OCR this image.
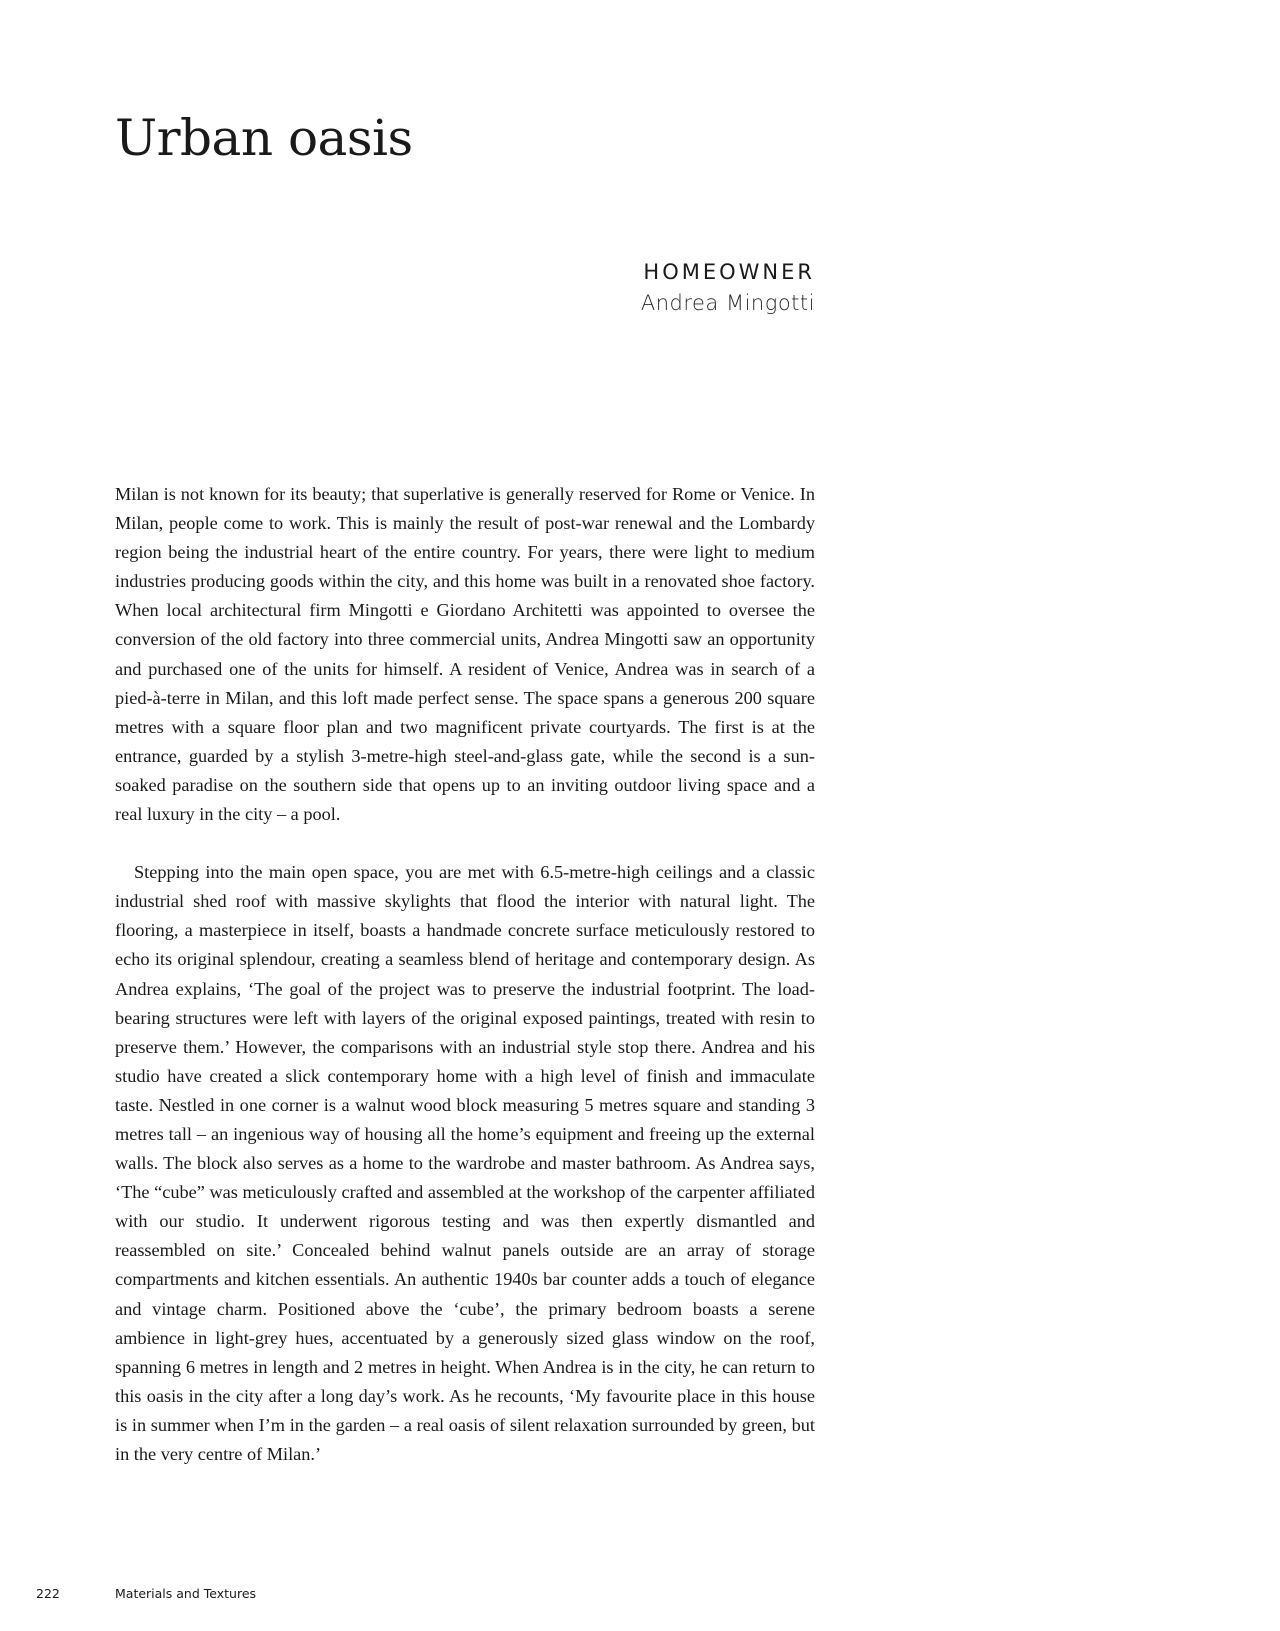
Urban oasis
HOMEOWNER
Andrea Mingotti

Milan is not known for its beauty; that superlative is generally reserved for Rome or Venice. In Milan, people come to work. This is mainly the result of post-war renewal and the Lombardy region being the industrial heart of the entire country. For years, there were light to medium industries producing goods within the city, and this home was built in a renovated shoe factory. When local architectural firm Mingotti e Giordano Architetti was appointed to oversee the conversion of the old factory into three commercial units, Andrea Mingotti saw an opportunity and purchased one of the units for himself. A resident of Venice, Andrea was in search of a pied-à-terre in Milan, and this loft made perfect sense. The space spans a generous 200 square metres with a square floor plan and two magnificent private courtyards. The first is at the entrance, guarded by a stylish 3-metre-high steel-and-glass gate, while the second is a sun-soaked paradise on the southern side that opens up to an inviting outdoor living space and a real luxury in the city – a pool.

Stepping into the main open space, you are met with 6.5-metre-high ceilings and a classic industrial shed roof with massive skylights that flood the interior with natural light. The flooring, a masterpiece in itself, boasts a handmade concrete surface meticulously restored to echo its original splendour, creating a seamless blend of heritage and contemporary design. As Andrea explains, ‘The goal of the project was to preserve the industrial footprint. The load-bearing structures were left with layers of the original exposed paintings, treated with resin to preserve them.’ However, the comparisons with an industrial style stop there. Andrea and his studio have created a slick contemporary home with a high level of finish and immaculate taste. Nestled in one corner is a walnut wood block measuring 5 metres square and standing 3 metres tall – an ingenious way of housing all the home’s equipment and freeing up the external walls. The block also serves as a home to the wardrobe and master bathroom. As Andrea says, ‘The “cube” was meticulously crafted and assembled at the workshop of the carpenter affiliated with our studio. It underwent rigorous testing and was then expertly dismantled and reassembled on site.’ Concealed behind walnut panels outside are an array of storage compartments and kitchen essentials. An authentic 1940s bar counter adds a touch of elegance and vintage charm. Positioned above the ‘cube’, the primary bedroom boasts a serene ambience in light-grey hues, accentuated by a generously sized glass window on the roof, spanning 6 metres in length and 2 metres in height. When Andrea is in the city, he can return to this oasis in the city after a long day’s work. As he recounts, ‘My favourite place in this house is in summer when I’m in the garden – a real oasis of silent relaxation surrounded by green, but in the very centre of Milan.’

222	Materials and Textures
